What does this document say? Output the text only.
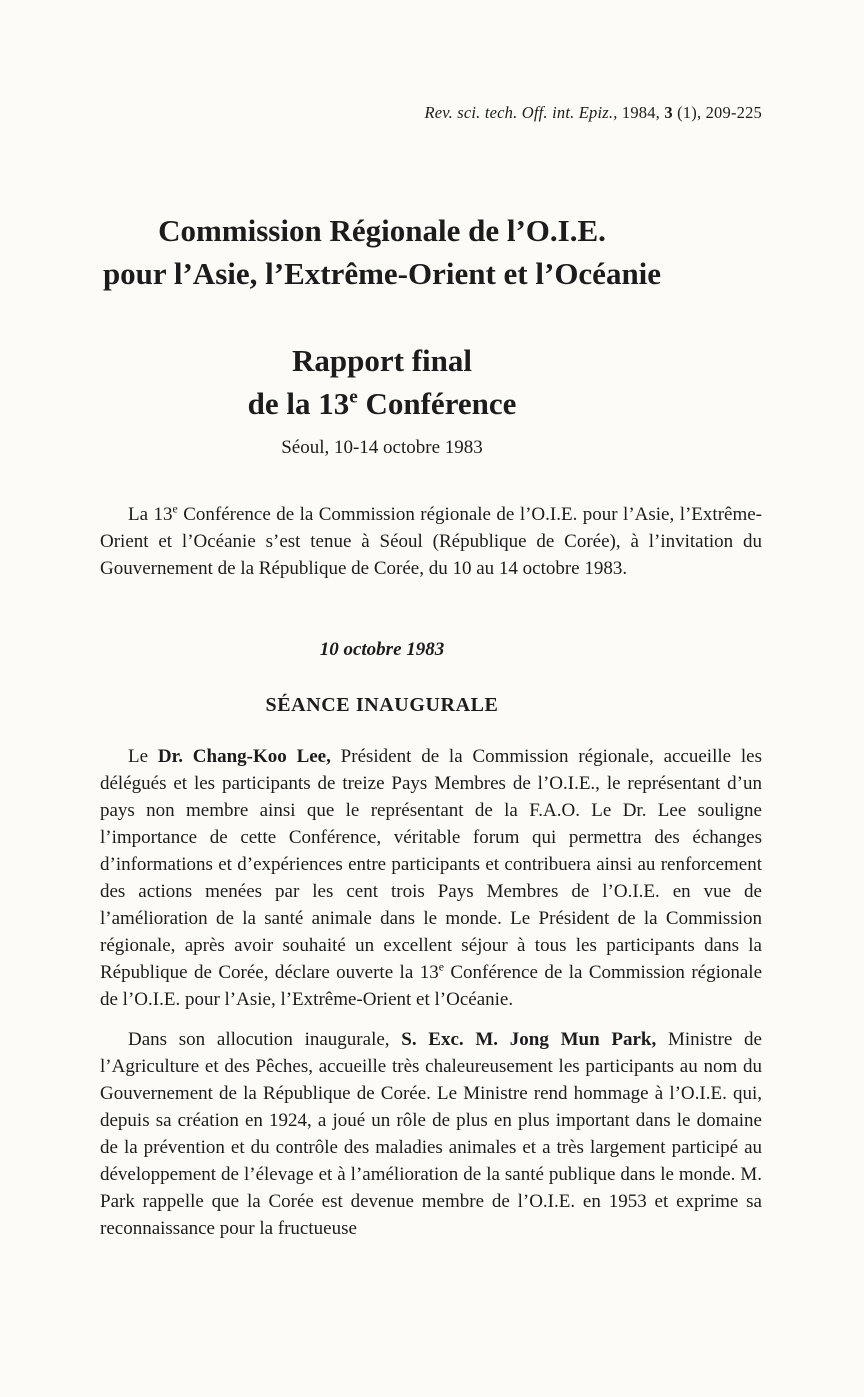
Rev. sci. tech. Off. int. Epiz., 1984, 3 (1), 209-225
Commission Régionale de l’O.I.E.
pour l’Asie, l’Extrême-Orient et l’Océanie
Rapport final
de la 13e Conférence
Séoul, 10-14 octobre 1983

La 13e Conférence de la Commission régionale de l’O.I.E. pour l’Asie, l’Extrême-Orient et l’Océanie s’est tenue à Séoul (République de Corée), à l’invitation du Gouvernement de la République de Corée, du 10 au 14 octobre 1983.

10 octobre 1983
SÉANCE INAUGURALE

Le Dr. Chang-Koo Lee, Président de la Commission régionale, accueille les délégués et les participants de treize Pays Membres de l’O.I.E., le représentant d’un pays non membre ainsi que le représentant de la F.A.O. Le Dr. Lee souligne l’importance de cette Conférence, véritable forum qui permettra des échanges d’informations et d’expériences entre participants et contribuera ainsi au renforcement des actions menées par les cent trois Pays Membres de l’O.I.E. en vue de l’amélioration de la santé animale dans le monde. Le Président de la Commission régionale, après avoir souhaité un excellent séjour à tous les participants dans la République de Corée, déclare ouverte la 13e Conférence de la Commission régionale de l’O.I.E. pour l’Asie, l’Extrême-Orient et l’Océanie.

Dans son allocution inaugurale, S. Exc. M. Jong Mun Park, Ministre de l’Agriculture et des Pêches, accueille très chaleureusement les participants au nom du Gouvernement de la République de Corée. Le Ministre rend hommage à l’O.I.E. qui, depuis sa création en 1924, a joué un rôle de plus en plus important dans le domaine de la prévention et du contrôle des maladies animales et a très largement participé au développement de l’élevage et à l’amélioration de la santé publique dans le monde. M. Park rappelle que la Corée est devenue membre de l’O.I.E. en 1953 et exprime sa reconnaissance pour la fructueuse
